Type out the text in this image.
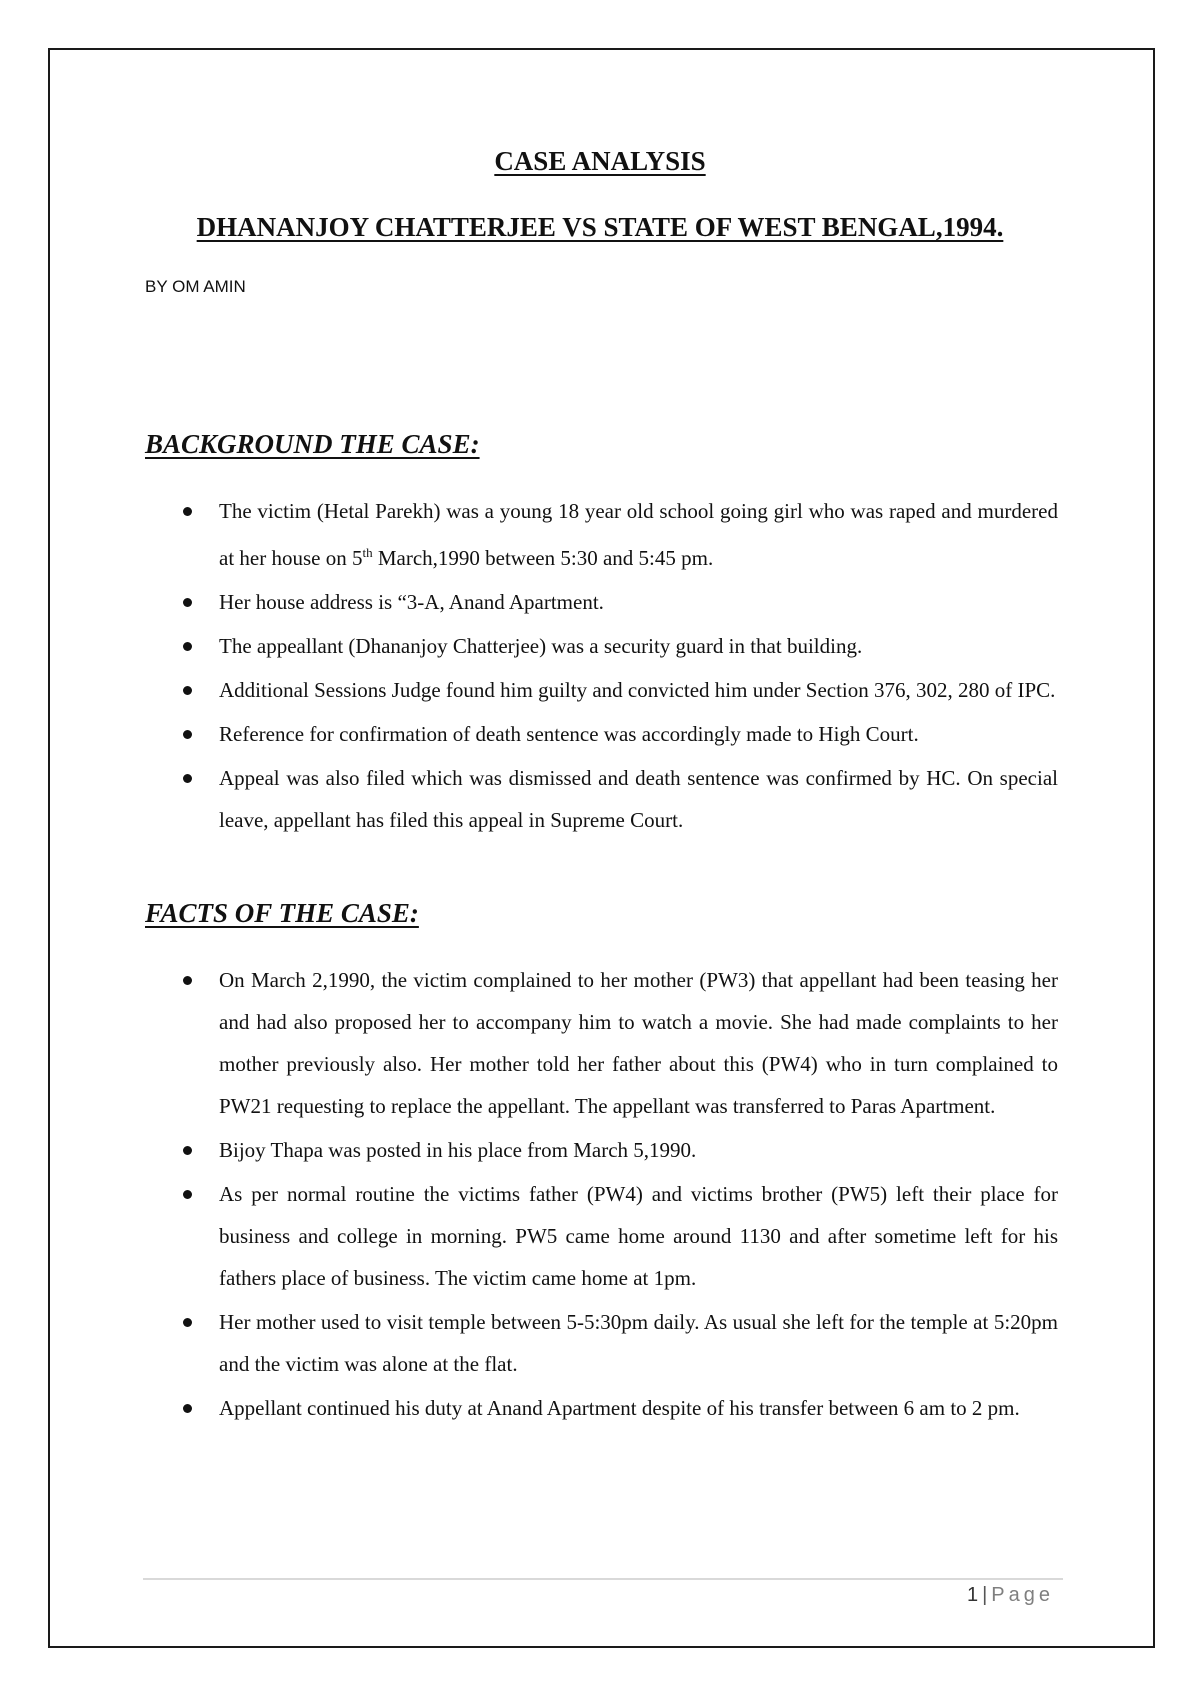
CASE ANALYSIS
DHANANJOY CHATTERJEE VS STATE OF WEST BENGAL,1994.

BY OM AMIN

BACKGROUND THE CASE:
The victim (Hetal Parekh) was a young 18 year old school going girl who was raped and murdered at her house on 5th March,1990 between 5:30 and 5:45 pm.
Her house address is “3-A, Anand Apartment.
The appeallant (Dhananjoy Chatterjee) was a security guard in that building.
Additional Sessions Judge found him guilty and convicted him under Section 376, 302, 280 of IPC.
Reference for confirmation of death sentence was accordingly made to High Court.
Appeal was also filed which was dismissed and death sentence was confirmed by HC. On special leave, appellant has filed this appeal in Supreme Court.
FACTS OF THE CASE:
On March 2,1990, the victim complained to her mother (PW3) that appellant had been teasing her and had also proposed her to accompany him to watch a movie. She had made complaints to her mother previously also. Her mother told her father about this (PW4) who in turn complained to PW21 requesting to replace the appellant. The appellant was transferred to Paras Apartment.
Bijoy Thapa was posted in his place from March 5,1990.
As per normal routine the victims father (PW4) and victims brother (PW5) left their place for business and college in morning. PW5 came home around 1130 and after sometime left for his fathers place of business. The victim came home at 1pm.
Her mother used to visit temple between 5-5:30pm daily. As usual she left for the temple at 5:20pm and the victim was alone at the flat.
Appellant continued his duty at Anand Apartment despite of his transfer between 6 am to 2 pm.

1 | Page
